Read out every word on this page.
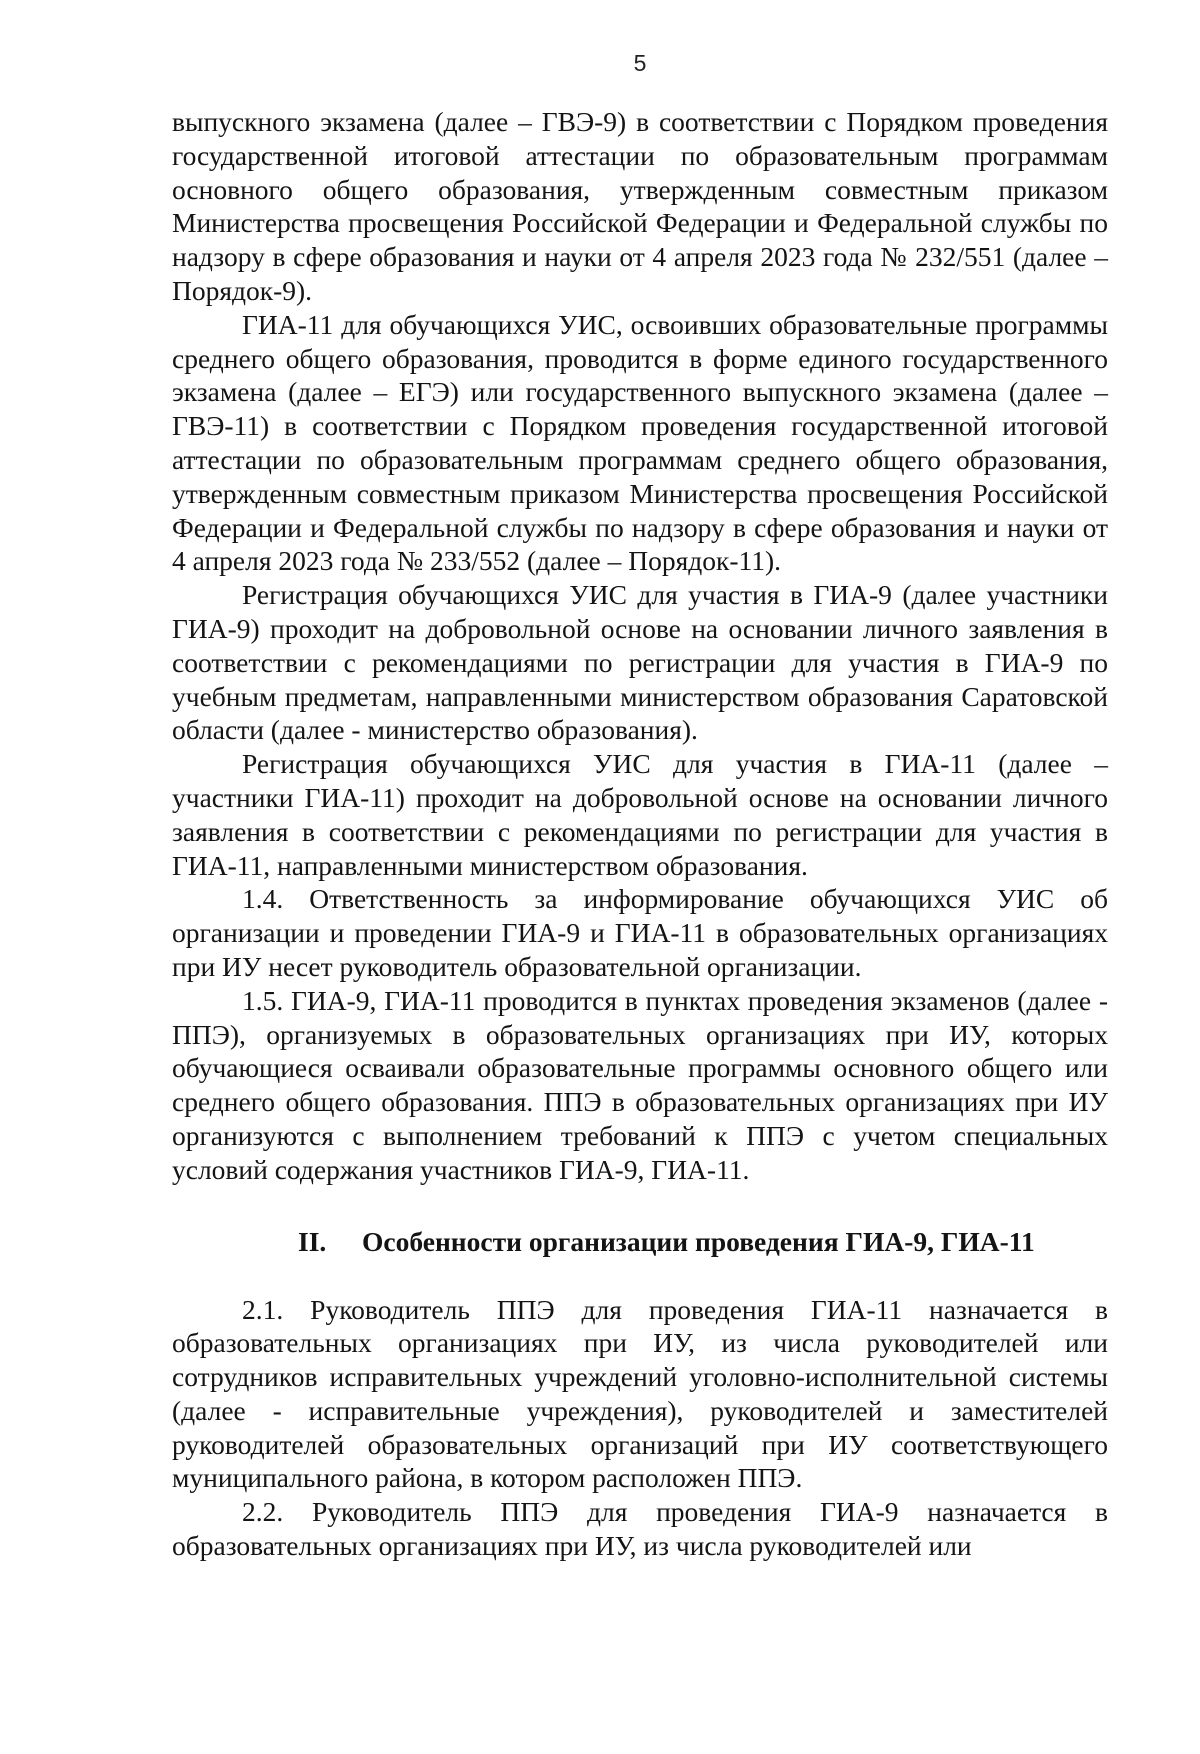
5

выпускного экзамена (далее – ГВЭ-9) в соответствии с Порядком проведения государственной итоговой аттестации по образовательным программам основного общего образования, утвержденным совместным приказом Министерства просвещения Российской Федерации и Федеральной службы по надзору в сфере образования и науки от 4 апреля 2023 года № 232/551 (далее – Порядок-9).

ГИА-11 для обучающихся УИС, освоивших образовательные программы среднего общего образования, проводится в форме единого государственного экзамена (далее – ЕГЭ) или государственного выпускного экзамена (далее – ГВЭ-11) в соответствии с Порядком проведения государственной итоговой аттестации по образовательным программам среднего общего образования, утвержденным совместным приказом Министерства просвещения Российской Федерации и Федеральной службы по надзору в сфере образования и науки от 4 апреля 2023 года № 233/552 (далее – Порядок-11).

Регистрация обучающихся УИС для участия в ГИА-9 (далее участники ГИА-9) проходит на добровольной основе на основании личного заявления в соответствии с рекомендациями по регистрации для участия в ГИА-9 по учебным предметам, направленными министерством образования Саратовской области (далее - министерство образования).

Регистрация обучающихся УИС для участия в ГИА-11 (далее – участники ГИА-11) проходит на добровольной основе на основании личного заявления в соответствии с рекомендациями по регистрации для участия в ГИА-11, направленными министерством образования.

1.4. Ответственность за информирование обучающихся УИС об организации и проведении ГИА-9 и ГИА-11 в образовательных организациях при ИУ несет руководитель образовательной организации.

1.5. ГИА-9, ГИА-11 проводится в пунктах проведения экзаменов (далее - ППЭ), организуемых в образовательных организациях при ИУ, которых обучающиеся осваивали образовательные программы основного общего или среднего общего образования. ППЭ в образовательных организациях при ИУ организуются с выполнением требований к ППЭ с учетом специальных условий содержания участников ГИА-9, ГИА-11.

II. Особенности организации проведения ГИА-9, ГИА-11

2.1. Руководитель ППЭ для проведения ГИА-11 назначается в образовательных организациях при ИУ, из числа руководителей или сотрудников исправительных учреждений уголовно-исполнительной системы (далее - исправительные учреждения), руководителей и заместителей руководителей образовательных организаций при ИУ соответствующего муниципального района, в котором расположен ППЭ.

2.2. Руководитель ППЭ для проведения ГИА-9 назначается в образовательных организациях при ИУ, из числа руководителей или
